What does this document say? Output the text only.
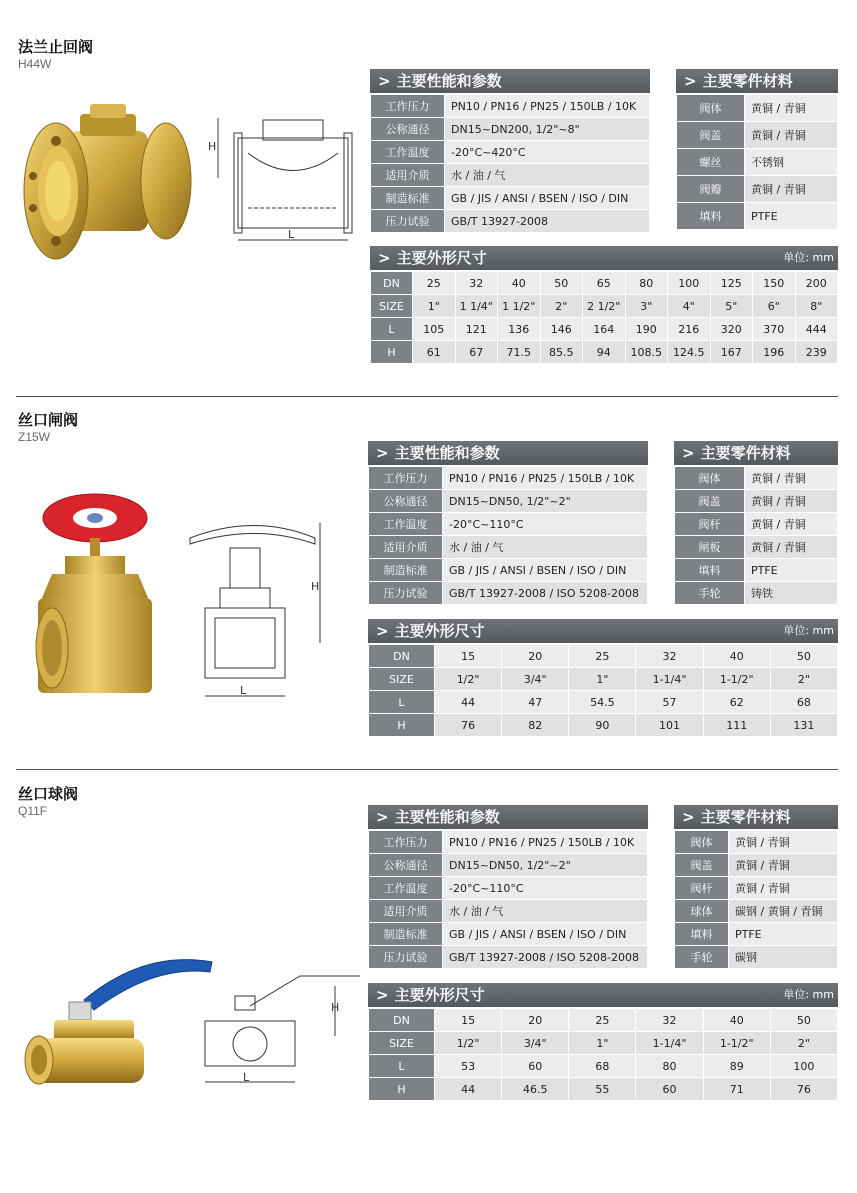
法兰止回阀
H44W
H
L
> 主要性能和参数
工作压力	PN10 / PN16 / PN25 / 150LB / 10K
公称通径	DN15~DN200, 1/2"~8"
工作温度	-20°C~420°C
适用介质	水 / 油 / 气
制造标准	GB / JIS / ANSI / BSEN / ISO / DIN
压力试验	GB/T 13927-2008
> 主要零件材料
阀体	黄铜 / 青铜
阀盖	黄铜 / 青铜
螺丝	不锈钢
阀瓣	黄铜 / 青铜
填料	PTFE
> 主要外形尺寸	单位: mm
DN	25	32	40	50	65	80	100	125	150	200
SIZE	1"	1 1/4"	1 1/2"	2"	2 1/2"	3"	4"	5"	6"	8"
L	105	121	136	146	164	190	216	320	370	444
H	61	67	71.5	85.5	94	108.5	124.5	167	196	239
丝口闸阀
Z15W
H
L
> 主要性能和参数
工作压力	PN10 / PN16 / PN25 / 150LB / 10K
公称通径	DN15~DN50, 1/2"~2"
工作温度	-20°C~110°C
适用介质	水 / 油 / 气
制造标准	GB / JIS / ANSI / BSEN / ISO / DIN
压力试验	GB/T 13927-2008 / ISO 5208-2008
> 主要零件材料
阀体	黄铜 / 青铜
阀盖	黄铜 / 青铜
阀杆	黄铜 / 青铜
闸板	黄铜 / 青铜
填料	PTFE
手轮	铸铁
> 主要外形尺寸	单位: mm
DN	15	20	25	32	40	50
SIZE	1/2"	3/4"	1"	1-1/4"	1-1/2"	2"
L	44	47	54.5	57	62	68
H	76	82	90	101	111	131
丝口球阀
Q11F
H
L
> 主要性能和参数
工作压力	PN10 / PN16 / PN25 / 150LB / 10K
公称通径	DN15~DN50, 1/2"~2"
工作温度	-20°C~110°C
适用介质	水 / 油 / 气
制造标准	GB / JIS / ANSI / BSEN / ISO / DIN
压力试验	GB/T 13927-2008 / ISO 5208-2008
> 主要零件材料
阀体	黄铜 / 青铜
阀盖	黄铜 / 青铜
阀杆	黄铜 / 青铜
球体	碳钢 / 黄铜 / 青铜
填料	PTFE
手轮	碳钢
> 主要外形尺寸	单位: mm
DN	15	20	25	32	40	50
SIZE	1/2"	3/4"	1"	1-1/4"	1-1/2"	2"
L	53	60	68	80	89	100
H	44	46.5	55	60	71	76
